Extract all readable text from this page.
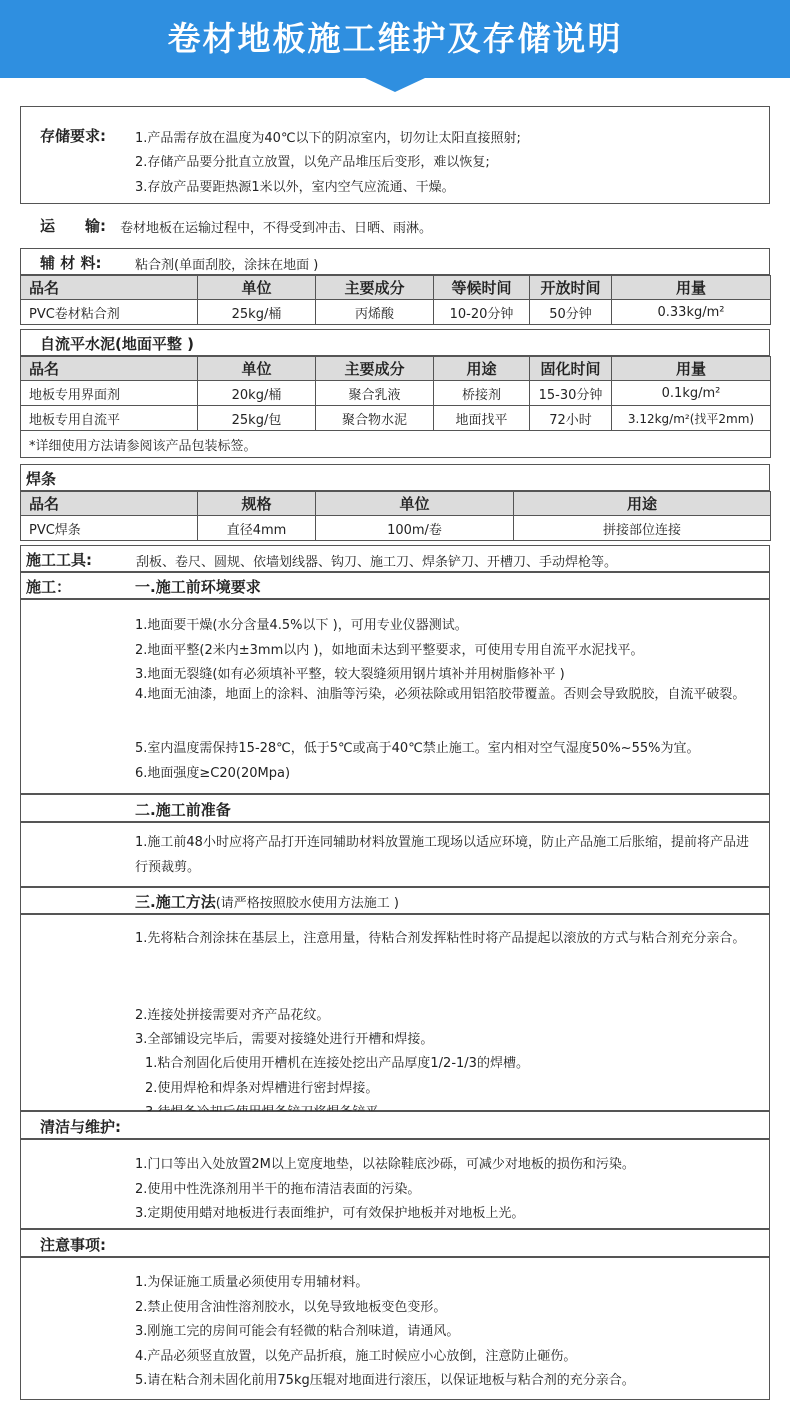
卷材地板施工维护及存储说明
存储要求: 1.产品需存放在温度为40℃以下的阴凉室内，切勿让太阳直接照射;
2.存储产品要分批直立放置，以免产品堆压后变形，难以恢复;
3.存放产品要距热源1米以外，室内空气应流通、干燥。
运　　输: 卷材地板在运输过程中，不得受到冲击、日晒、雨淋。
辅 材 料:	粘合剂(单面刮胶，涂抹在地面 )
品名	单位	主要成分	等候时间	开放时间	用量
PVC卷材粘合剂	25kg/桶	丙烯酸	10-20分钟	50分钟	0.33kg/m²
自流平水泥(地面平整 )
品名	单位	主要成分	用途	固化时间	用量
地板专用界面剂	20kg/桶	聚合乳液	桥接剂	15-30分钟	0.1kg/m²
地板专用自流平	25kg/包	聚合物水泥	地面找平	72小时	3.12kg/m²(找平2mm)
*详细使用方法请参阅该产品包装标签。					
焊条
品名	规格	单位	用途
PVC焊条	直径4mm	100m/卷	拼接部位连接
施工工具:	刮板、卷尺、圆规、依墙划线器、钩刀、施工刀、焊条铲刀、开槽刀、手动焊枪等。
施工：	一.施工前环境要求
1.地面要干燥(水分含量4.5%以下 )，可用专业仪器测试。
2.地面平整(2米内±3mm以内 )，如地面未达到平整要求，可使用专用自流平水泥找平。
3.地面无裂缝(如有必须填补平整，较大裂缝须用钢片填补并用树脂修补平 )
4.地面无油漆，地面上的涂料、油脂等污染，必须祛除或用铝箔胶带覆盖。否则会导致脱胶，自流平破裂。
5.室内温度需保持15-28℃，低于5℃或高于40℃禁止施工。室内相对空气湿度50%~55%为宜。
6.地面强度≥C20(20Mpa)
二.施工前准备
1.施工前48小时应将产品打开连同辅助材料放置施工现场以适应环境，防止产品施工后胀缩，提前将产品进行预裁剪。
三.施工方法(请严格按照胶水使用方法施工 )
1.先将粘合剂涂抹在基层上，注意用量，待粘合剂发挥粘性时将产品提起以滚放的方式与粘合剂充分亲合。
2.连接处拼接需要对齐产品花纹。
3.全部铺设完毕后，需要对接缝处进行开槽和焊接。
1.粘合剂固化后使用开槽机在连接处挖出产品厚度1/2-1/3的焊槽。
2.使用焊枪和焊条对焊槽进行密封焊接。
清洁与维护:
1.门口等出入处放置2M以上宽度地垫，以祛除鞋底沙砾，可减少对地板的损伤和污染。
2.使用中性洗涤剂用半干的拖布清洁表面的污染。
3.定期使用蜡对地板进行表面维护，可有效保护地板并对地板上光。
注意事项:
1.为保证施工质量必须使用专用辅材料。
2.禁止使用含油性溶剂胶水，以免导致地板变色变形。
3.刚施工完的房间可能会有轻微的粘合剂味道，请通风。
4.产品必须竖直放置，以免产品折痕，施工时候应小心放倒，注意防止砸伤。
5.请在粘合剂未固化前用75kg压辊对地面进行滚压，以保证地板与粘合剂的充分亲合。
